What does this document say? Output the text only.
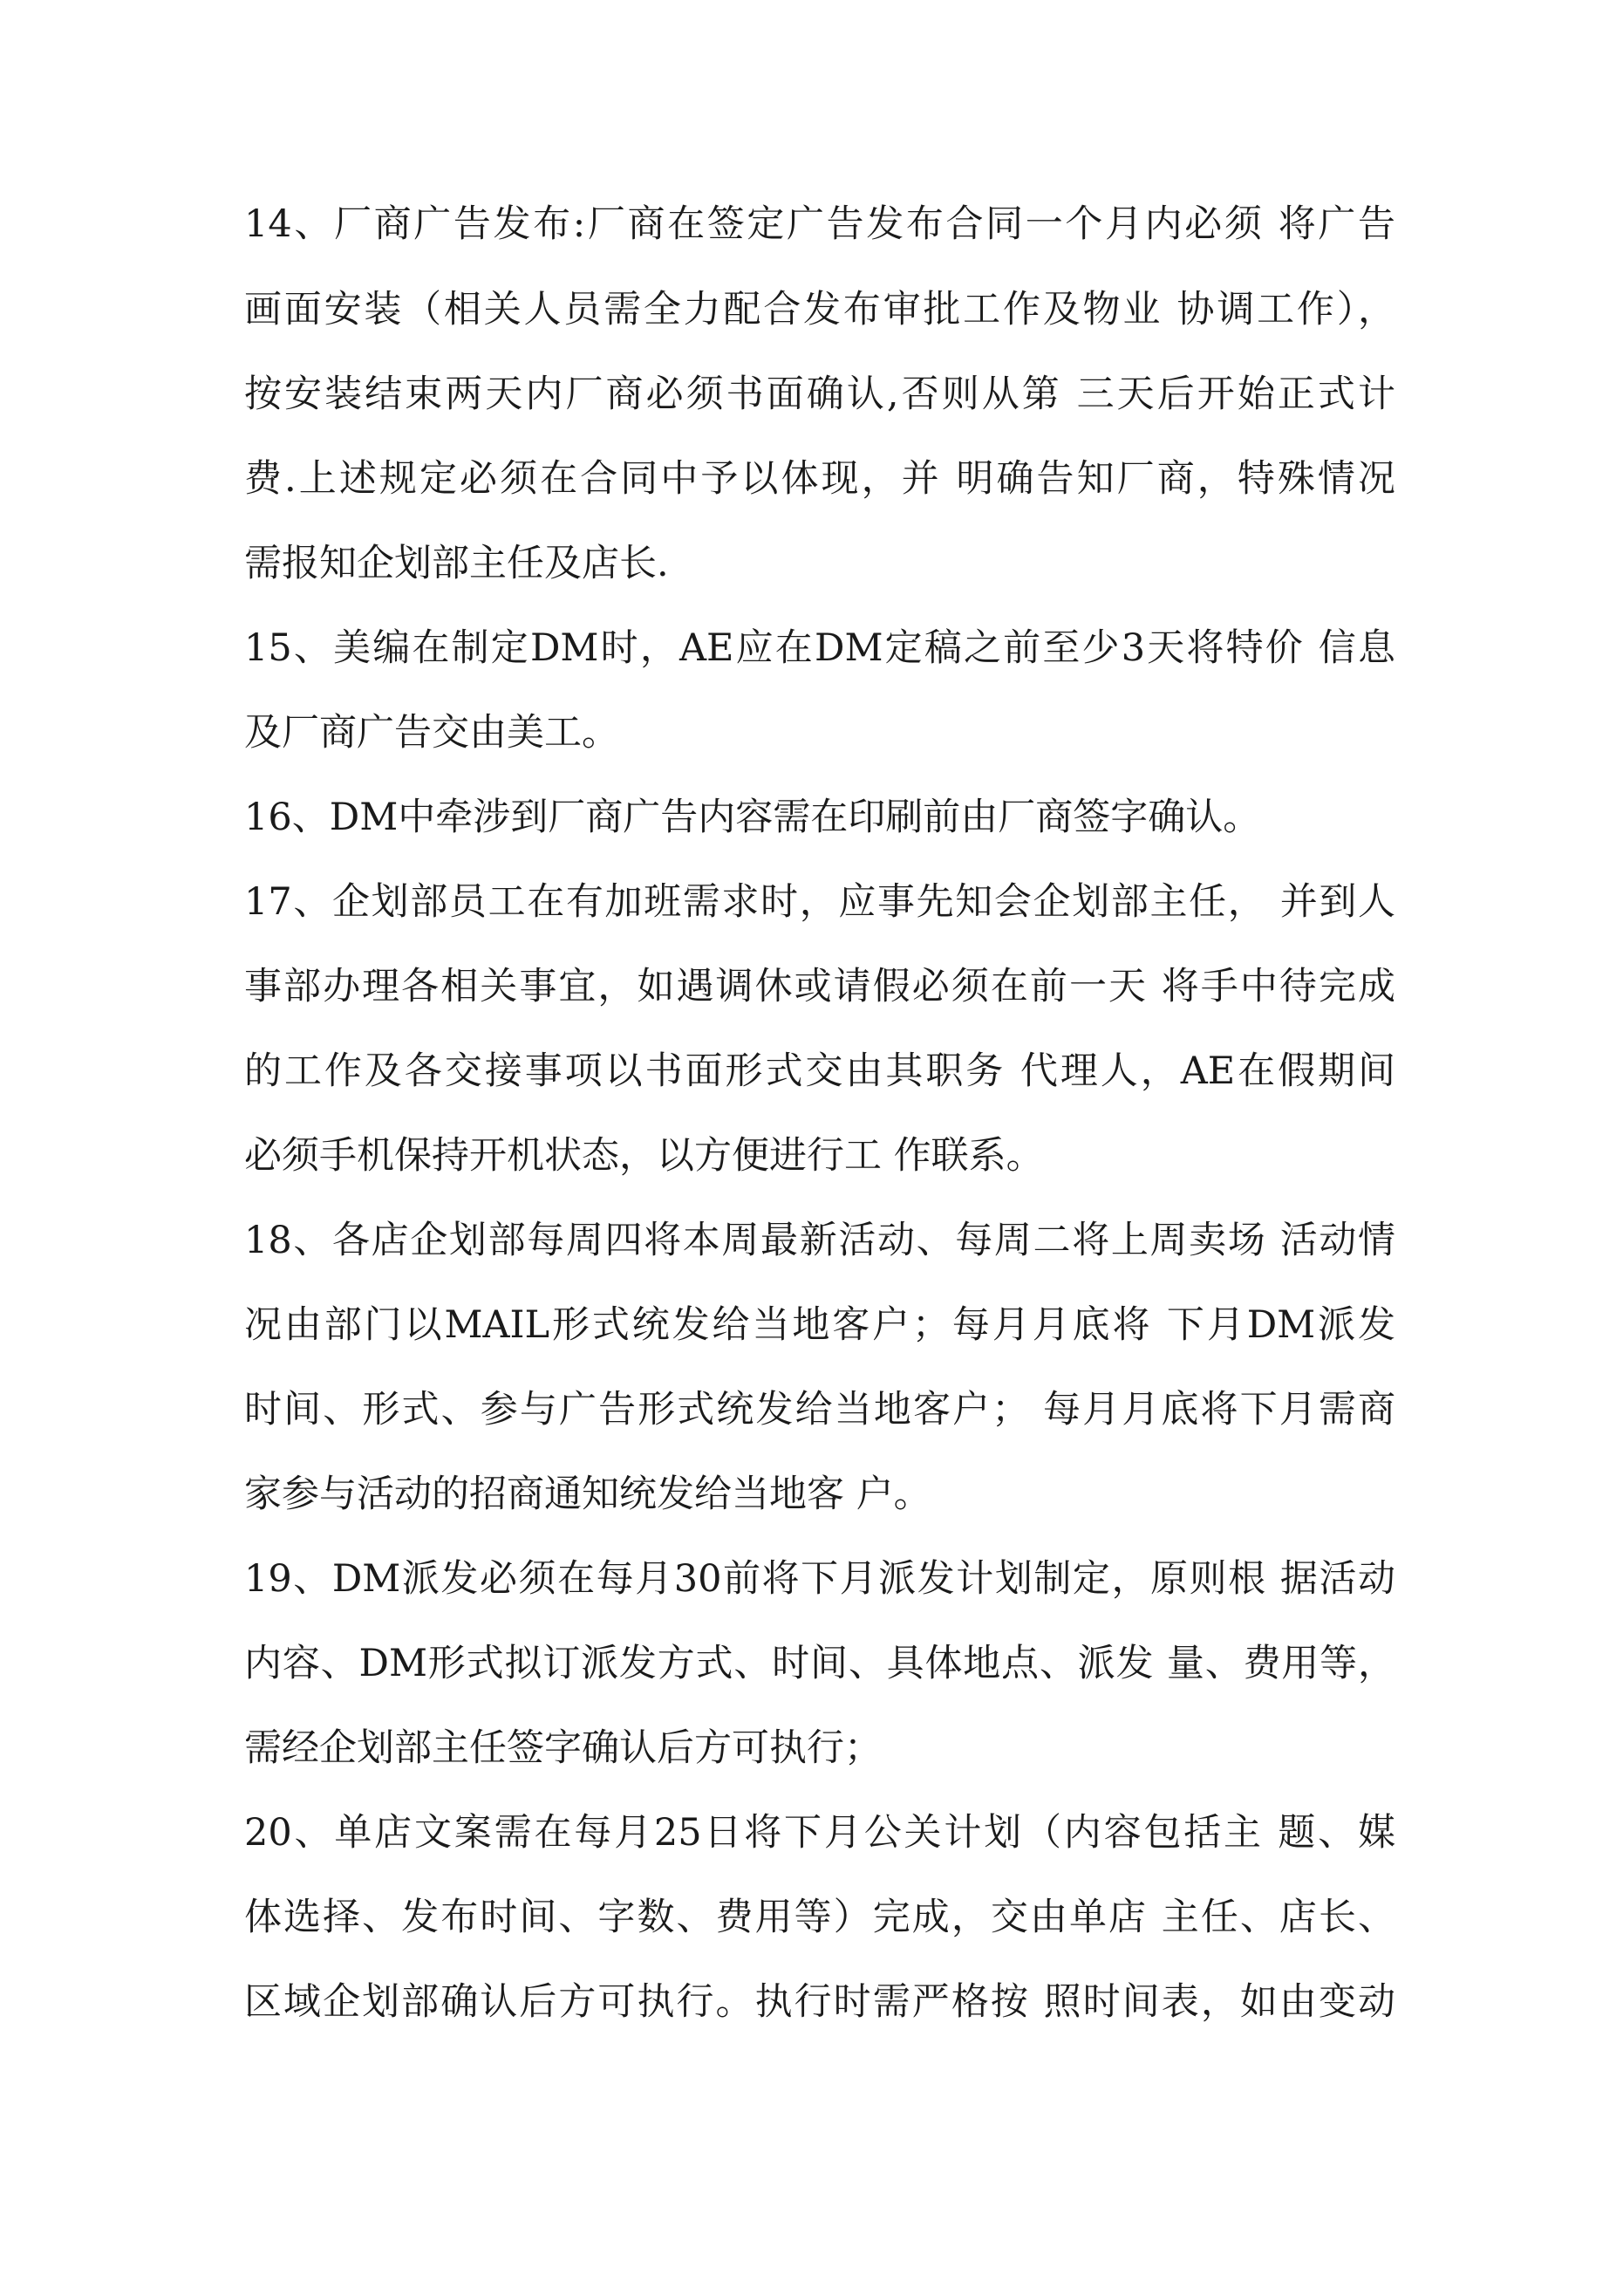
14、厂商广告发布:厂商在签定广告发布合同一个月内必须 将广告
画面安装（相关人员需全力配合发布审批工作及物业 协调工作），
按安装结束两天内厂商必须书面确认,否则从第 三天后开始正式计
费.上述规定必须在合同中予以体现，并 明确告知厂商，特殊情况
需报知企划部主任及店长.
15、美编在制定DM时，AE应在DM定稿之前至少3天将特价 信息
及厂商广告交由美工。
16、DM中牵涉到厂商广告内容需在印刷前由厂商签字确认。
17、企划部员工在有加班需求时，应事先知会企划部主任， 并到人
事部办理各相关事宜，如遇调休或请假必须在前一天 将手中待完成
的工作及各交接事项以书面形式交由其职务 代理人，AE在假期间
必须手机保持开机状态，以方便进行工 作联系。
18、各店企划部每周四将本周最新活动、每周二将上周卖场 活动情
况由部门以MAIL形式统发给当地客户；每月月底将 下月DM派发
时间、形式、参与广告形式统发给当地客户； 每月月底将下月需商
家参与活动的招商通知统发给当地客 户。
19、DM派发必须在每月30前将下月派发计划制定，原则根 据活动
内容、DM形式拟订派发方式、时间、具体地点、派发 量、费用等，
需经企划部主任签字确认后方可执行；
20、单店文案需在每月25日将下月公关计划（内容包括主 题、媒
体选择、发布时间、字数、费用等）完成，交由单店 主任、店长、
区域企划部确认后方可执行。执行时需严格按 照时间表，如由变动
